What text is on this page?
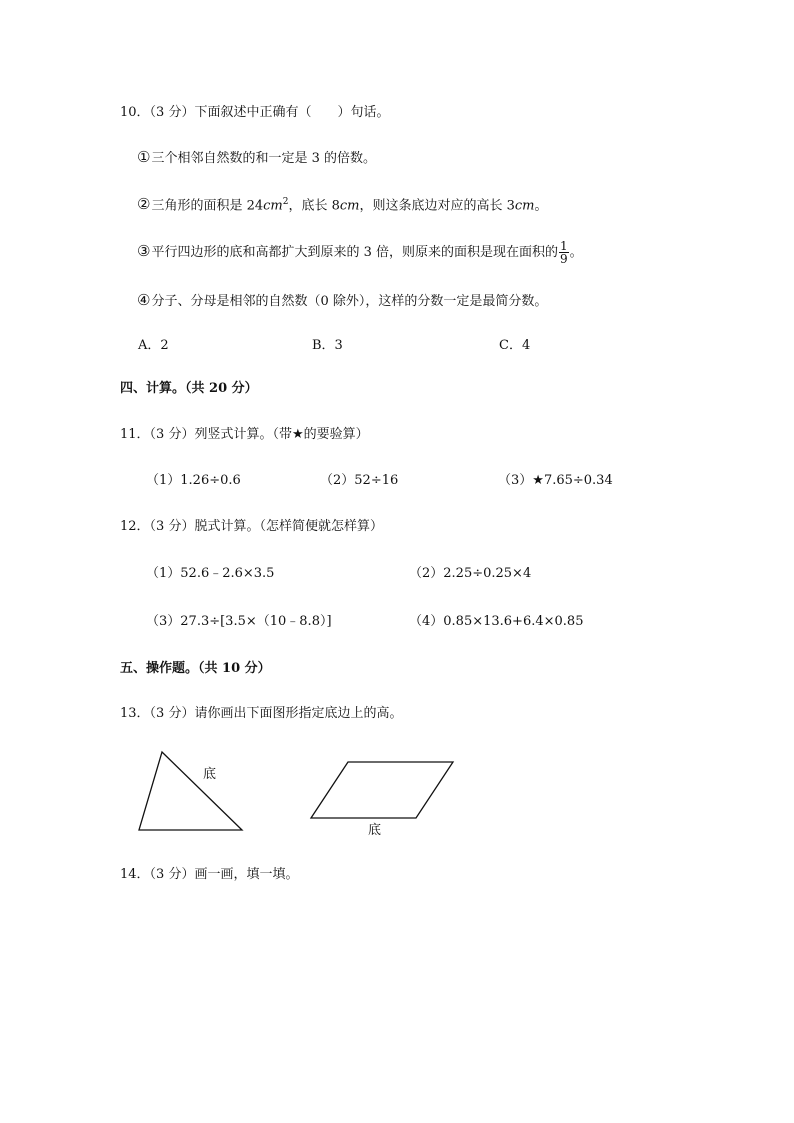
10．（3 分）下面叙述中正确有（　　）句话。
①三个相邻自然数的和一定是 3 的倍数。
②三角形的面积是 $24cm^2$，底长 8cm，则这条底边对应的高长 3cm。
③平行四边形的底和高都扩大到原来的 3 倍，则原来的面积是现在面积的 $\frac{1}{9}$ 。
④分子、分母是相邻的自然数（0 除外），这样的分数一定是最简分数。
A．2	B．3	C．4
四、计算。（共 20 分）
11．（3 分）列竖式计算。（带★的要验算）
（1）1.26÷0.6	（2）52÷16	（3）★7.65÷0.34
12．（3 分）脱式计算。（怎样简便就怎样算）
（1）52.6﹣2.6×3.5	（2）2.25÷0.25×4
（3）27.3÷[3.5×（10﹣8.8）]	（4）0.85×13.6+6.4×0.85
五、操作题。（共 10 分）
13．（3 分）请你画出下面图形指定底边上的高。
底
底
14．（3 分）画一画，填一填。
